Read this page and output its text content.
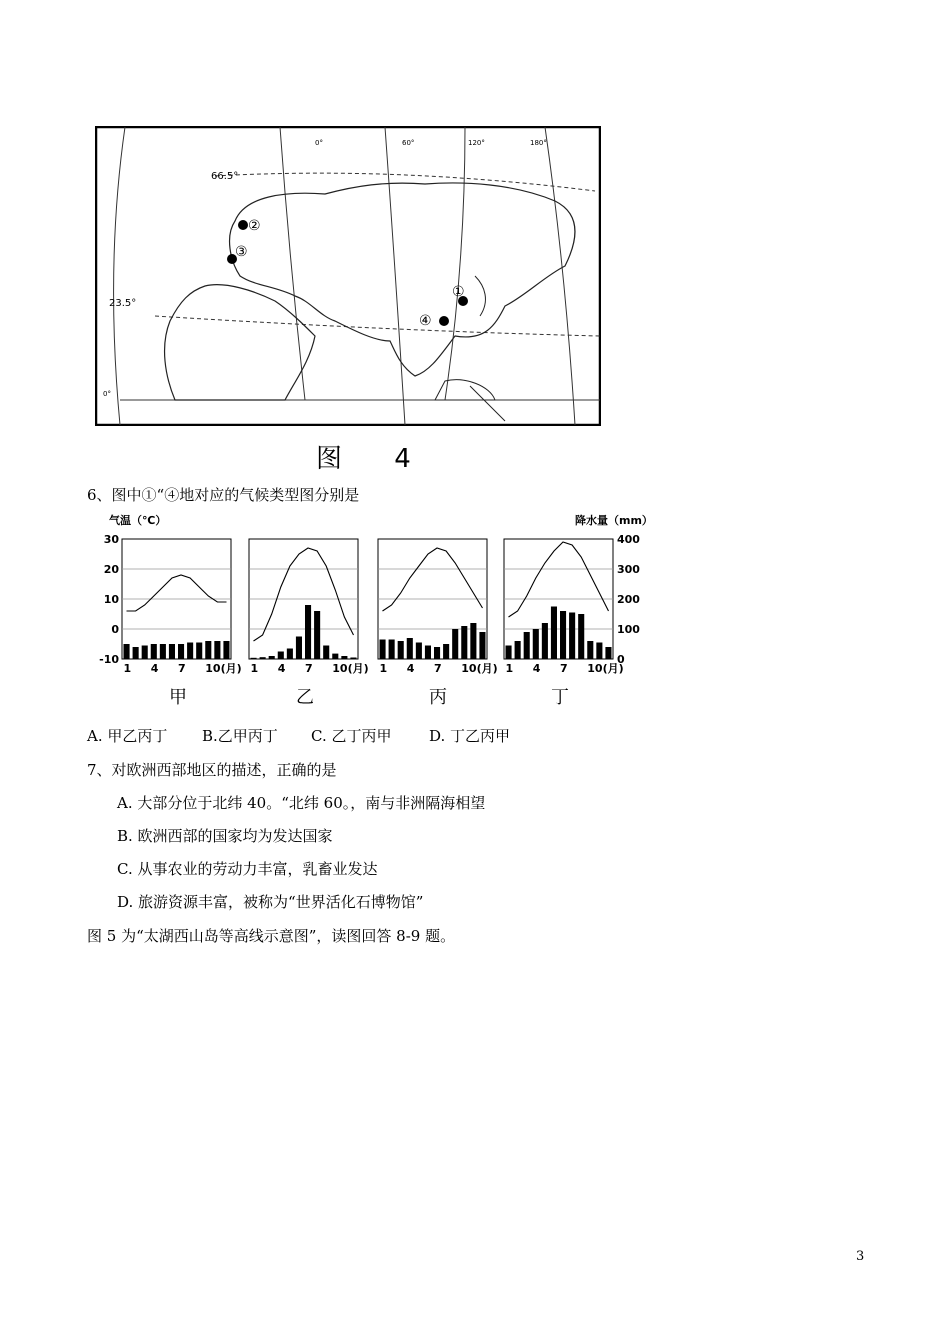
0°	60°	120°	180°
66.5°
23.5°
0°
①
②
③
④
图 4
6、图中①“④地对应的气候类型图分别是
气温（℃）	降水量（mm）
1 4 7 10(月) 1 4 7 10(月) 1 4 7 10(月) 1 4 7 10(月)
30
20
10
0
-10
400
300
200
100
0
甲	乙	丙	丁
A. 甲乙丙丁 B.乙甲丙丁 C. 乙丁丙甲	D. 丁乙丙甲
7、对欧洲西部地区的描述，正确的是
A. 大部分位于北纬 40。“北纬 60。，南与非洲隔海相望
B. 欧洲西部的国家均为发达国家
C. 从事农业的劳动力丰富，乳畜业发达
D. 旅游资源丰富，被称为“世界活化石博物馆”
图 5 为“太湖西山岛等高线示意图”，读图回答 8-9 题。
3
